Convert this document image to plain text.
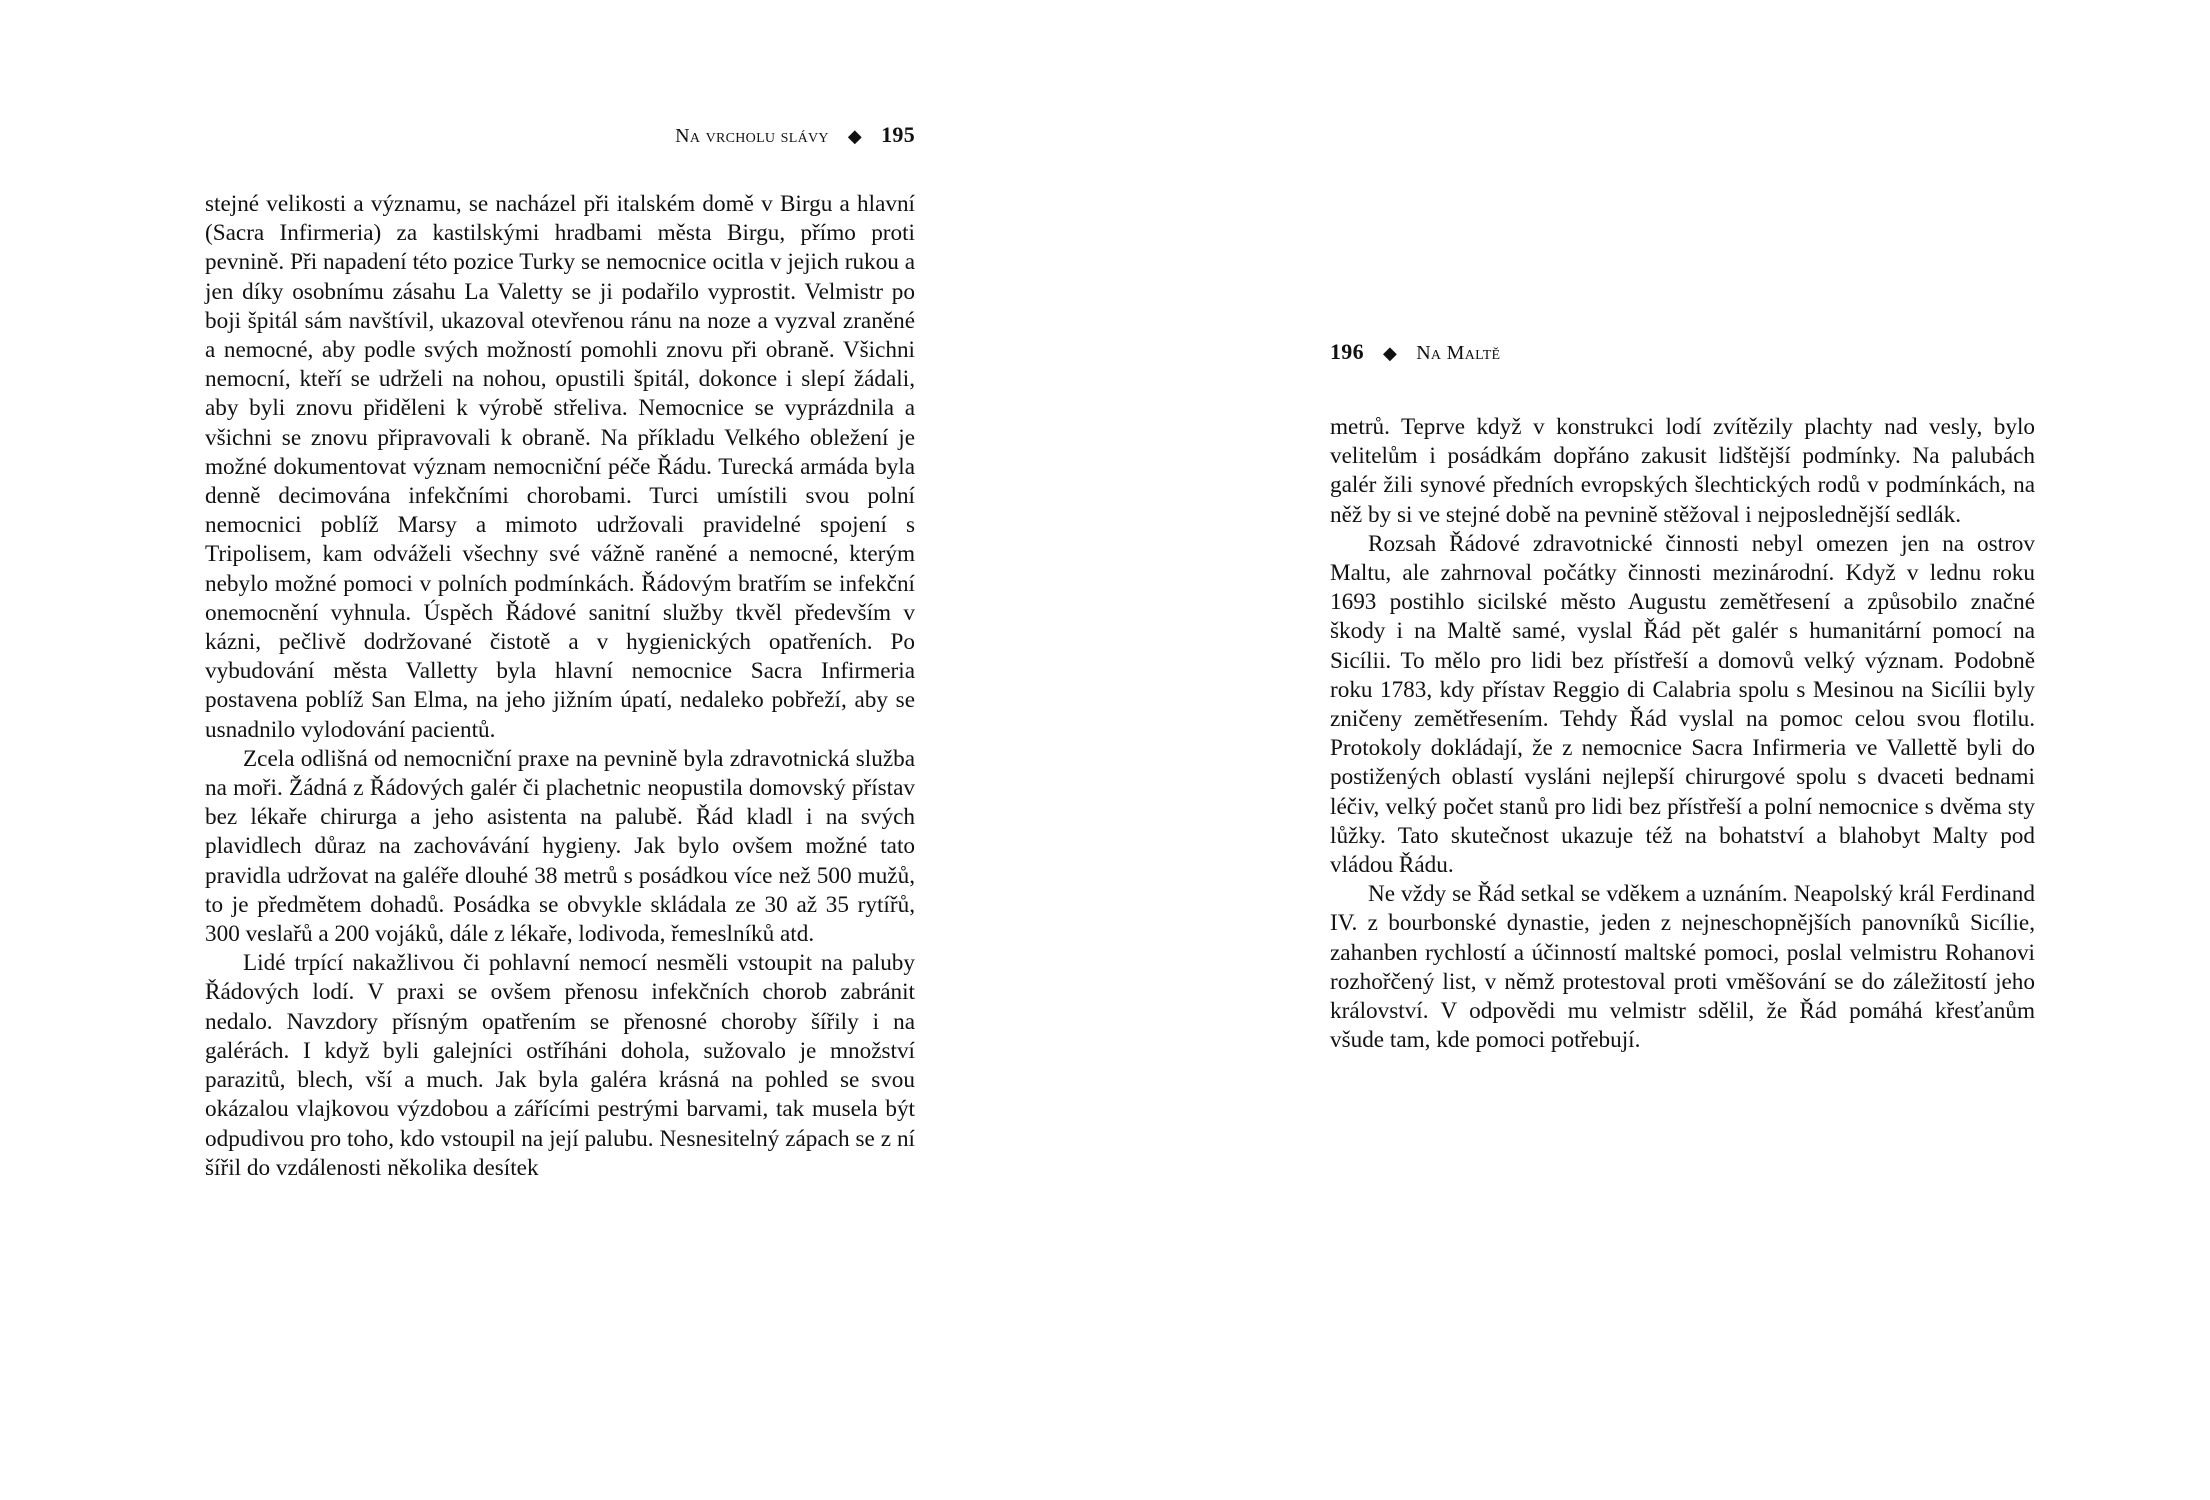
Na vrcholu slávy ◆ 195

stejné velikosti a významu, se nacházel při italském domě v Birgu a hlavní (Sacra Infirmeria) za kastilskými hradbami města Birgu, přímo proti pevnině. Při napadení této pozice Turky se nemocnice ocitla v jejich rukou a jen díky osobnímu zásahu La Valetty se ji podařilo vyprostit. Velmistr po boji špitál sám navštívil, ukazoval otevřenou ránu na noze a vyzval zraněné a nemocné, aby podle svých možností pomohli znovu při obraně. Všichni nemocní, kteří se udrželi na nohou, opustili špitál, dokonce i slepí žádali, aby byli znovu přiděleni k výrobě střeliva. Nemocnice se vyprázdnila a všichni se znovu připravovali k obraně. Na příkladu Velkého obležení je možné dokumentovat význam nemocniční péče Řádu. Turecká armáda byla denně decimována infekčními chorobami. Turci umístili svou polní nemocnici poblíž Marsy a mimoto udržovali pravidelné spojení s Tripolisem, kam odváželi všechny své vážně raněné a nemocné, kterým nebylo možné pomoci v polních podmínkách. Řádovým bratřím se infekční onemocnění vyhnula. Úspěch Řádové sanitní služby tkvěl především v kázni, pečlivě dodržované čistotě a v hygienických opatřeních. Po vybudování města Valletty byla hlavní nemocnice Sacra Infirmeria postavena poblíž San Elma, na jeho jižním úpatí, nedaleko pobřeží, aby se usnadnilo vylodování pacientů.

Zcela odlišná od nemocniční praxe na pevnině byla zdravotnická služba na moři. Žádná z Řádových galér či plachetnic neopustila domovský přístav bez lékaře chirurga a jeho asistenta na palubě. Řád kladl i na svých plavidlech důraz na zachovávání hygieny. Jak bylo ovšem možné tato pravidla udržovat na galéře dlouhé 38 metrů s posádkou více než 500 mužů, to je předmětem dohadů. Posádka se obvykle skládala ze 30 až 35 rytířů, 300 veslařů a 200 vojáků, dále z lékaře, lodivoda, řemeslníků atd.

Lidé trpící nakažlivou či pohlavní nemocí nesměli vstoupit na paluby Řádových lodí. V praxi se ovšem přenosu infekčních chorob zabránit nedalo. Navzdory přísným opatřením se přenosné choroby šířily i na galérách. I když byli galejníci ostříháni dohola, sužovalo je množství parazitů, blech, vší a much. Jak byla galéra krásná na pohled se svou okázalou vlajkovou výzdobou a zářícími pestrými barvami, tak musela být odpudivou pro toho, kdo vstoupil na její palubu. Nesnesitelný zápach se z ní šířil do vzdálenosti několika desítek

196 ◆ Na Maltě

metrů. Teprve když v konstrukci lodí zvítězily plachty nad vesly, bylo velitelům i posádkám dopřáno zakusit lidštější podmínky. Na palubách galér žili synové předních evropských šlechtických rodů v podmínkách, na něž by si ve stejné době na pevnině stěžoval i nejposlednější sedlák.

Rozsah Řádové zdravotnické činnosti nebyl omezen jen na ostrov Maltu, ale zahrnoval počátky činnosti mezinárodní. Když v lednu roku 1693 postihlo sicilské město Augustu zemětřesení a způsobilo značné škody i na Maltě samé, vyslal Řád pět galér s humanitární pomocí na Sicílii. To mělo pro lidi bez přístřeší a domovů velký význam. Podobně roku 1783, kdy přístav Reggio di Calabria spolu s Mesinou na Sicílii byly zničeny zemětřesením. Tehdy Řád vyslal na pomoc celou svou flotilu. Protokoly dokládají, že z nemocnice Sacra Infirmeria ve Vallettě byli do postižených oblastí vysláni nejlepší chirurgové spolu s dvaceti bednami léčiv, velký počet stanů pro lidi bez přístřeší a polní nemocnice s dvěma sty lůžky. Tato skutečnost ukazuje též na bohatství a blahobyt Malty pod vládou Řádu.

Ne vždy se Řád setkal se vděkem a uznáním. Neapolský král Ferdinand IV. z bourbonské dynastie, jeden z nejneschopnějších panovníků Sicílie, zahanben rychlostí a účinností maltské pomoci, poslal velmistru Rohanovi rozhořčený list, v němž protestoval proti vměšování se do záležitostí jeho království. V odpovědi mu velmistr sdělil, že Řád pomáhá křesťanům všude tam, kde pomoci potřebují.
